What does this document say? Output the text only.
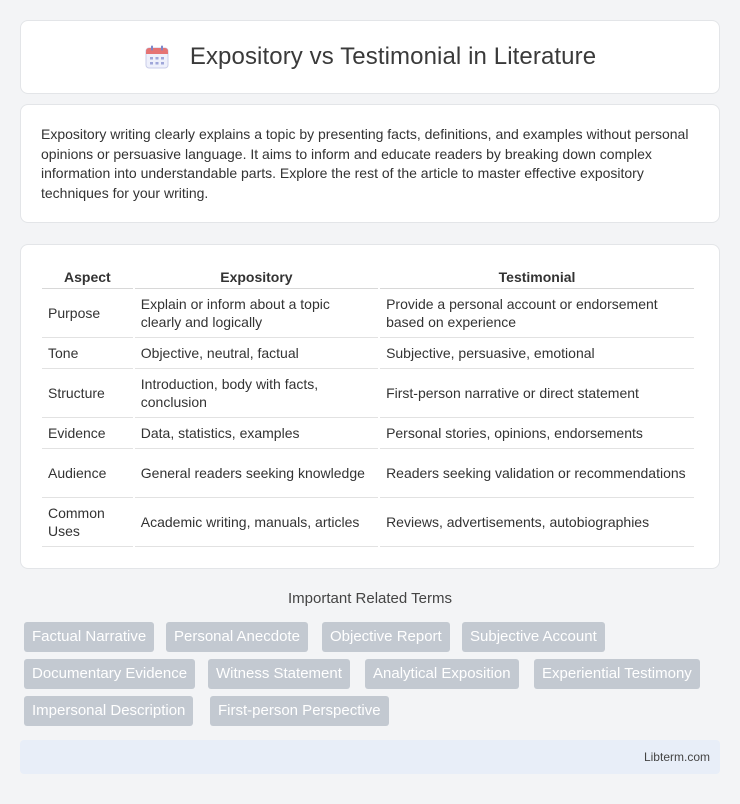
Expository vs Testimonial in Literature

Expository writing clearly explains a topic by presenting facts, definitions, and examples without personal opinions or persuasive language. It aims to inform and educate readers by breaking down complex information into understandable parts. Explore the rest of the article to master effective expository techniques for your writing.

Aspect	Expository	Testimonial
Purpose	Explain or inform about a topic clearly and logically	Provide a personal account or endorsement based on experience
Tone	Objective, neutral, factual	Subjective, persuasive, emotional
Structure	Introduction, body with facts, conclusion	First-person narrative or direct statement
Evidence	Data, statistics, examples	Personal stories, opinions, endorsements
Audience	General readers seeking knowledge	Readers seeking validation or recommendations
Common Uses	Academic writing, manuals, articles	Reviews, advertisements, autobiographies
Important Related Terms
Factual Narrative	Personal Anecdote	Objective Report	Subjective Account
Documentary Evidence	Witness Statement	Analytical Exposition	Experiential Testimony
Impersonal Description	First-person Perspective
Libterm.com
